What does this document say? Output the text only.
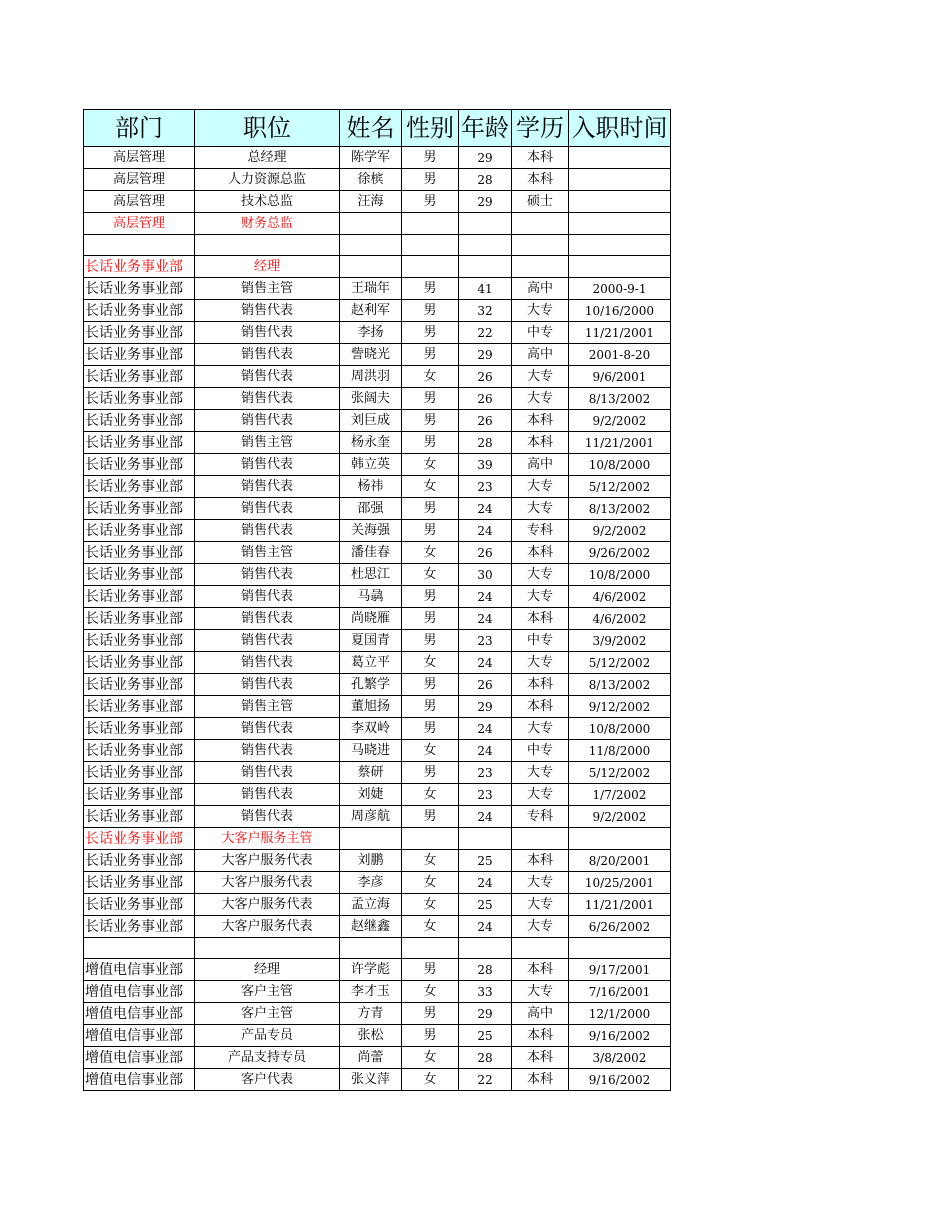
部门	职位	姓名	性别	年龄	学历	入职时间
高层管理	总经理	陈学军	男	29	本科	
高层管理	人力资源总监	徐槟	男	28	本科	
高层管理	技术总监	汪海	男	29	硕士	
高层管理	财务总监					

长话业务事业部	经理					
长话业务事业部	销售主管	王瑞年	男	41	高中	2000-9-1
长话业务事业部	销售代表	赵利军	男	32	大专	10/16/2000
长话业务事业部	销售代表	李扬	男	22	中专	11/21/2001
长话业务事业部	销售代表	訾晓光	男	29	高中	2001-8-20
长话业务事业部	销售代表	周洪羽	女	26	大专	9/6/2001
长话业务事业部	销售代表	张阔夫	男	26	大专	8/13/2002
长话业务事业部	销售代表	刘巨成	男	26	本科	9/2/2002
长话业务事业部	销售主管	杨永奎	男	28	本科	11/21/2001
长话业务事业部	销售代表	韩立英	女	39	高中	10/8/2000
长话业务事业部	销售代表	杨祎	女	23	大专	5/12/2002
长话业务事业部	销售代表	邵强	男	24	大专	8/13/2002
长话业务事业部	销售代表	关海强	男	24	专科	9/2/2002
长话业务事业部	销售主管	潘佳春	女	26	本科	9/26/2002
长话业务事业部	销售代表	杜思江	女	30	大专	10/8/2000
长话业务事业部	销售代表	马骉	男	24	大专	4/6/2002
长话业务事业部	销售代表	尚晓雁	男	24	本科	4/6/2002
长话业务事业部	销售代表	夏国青	男	23	中专	3/9/2002
长话业务事业部	销售代表	葛立平	女	24	大专	5/12/2002
长话业务事业部	销售代表	孔繁学	男	26	本科	8/13/2002
长话业务事业部	销售主管	董旭扬	男	29	本科	9/12/2002
长话业务事业部	销售代表	李双岭	男	24	大专	10/8/2000
长话业务事业部	销售代表	马晓进	女	24	中专	11/8/2000
长话业务事业部	销售代表	蔡研	男	23	大专	5/12/2002
长话业务事业部	销售代表	刘婕	女	23	大专	1/7/2002
长话业务事业部	销售代表	周彦航	男	24	专科	9/2/2002
长话业务事业部	大客户服务主管					
长话业务事业部	大客户服务代表	刘鹏	女	25	本科	8/20/2001
长话业务事业部	大客户服务代表	李彦	女	24	大专	10/25/2001
长话业务事业部	大客户服务代表	孟立海	女	25	大专	11/21/2001
长话业务事业部	大客户服务代表	赵继鑫	女	24	大专	6/26/2002

增值电信事业部	经理	许学彪	男	28	本科	9/17/2001
增值电信事业部	客户主管	李才玉	女	33	大专	7/16/2001
增值电信事业部	客户主管	方青	男	29	高中	12/1/2000
增值电信事业部	产品专员	张松	男	25	本科	9/16/2002
增值电信事业部	产品支持专员	尚蕾	女	28	本科	3/8/2002
增值电信事业部	客户代表	张义萍	女	22	本科	9/16/2002
